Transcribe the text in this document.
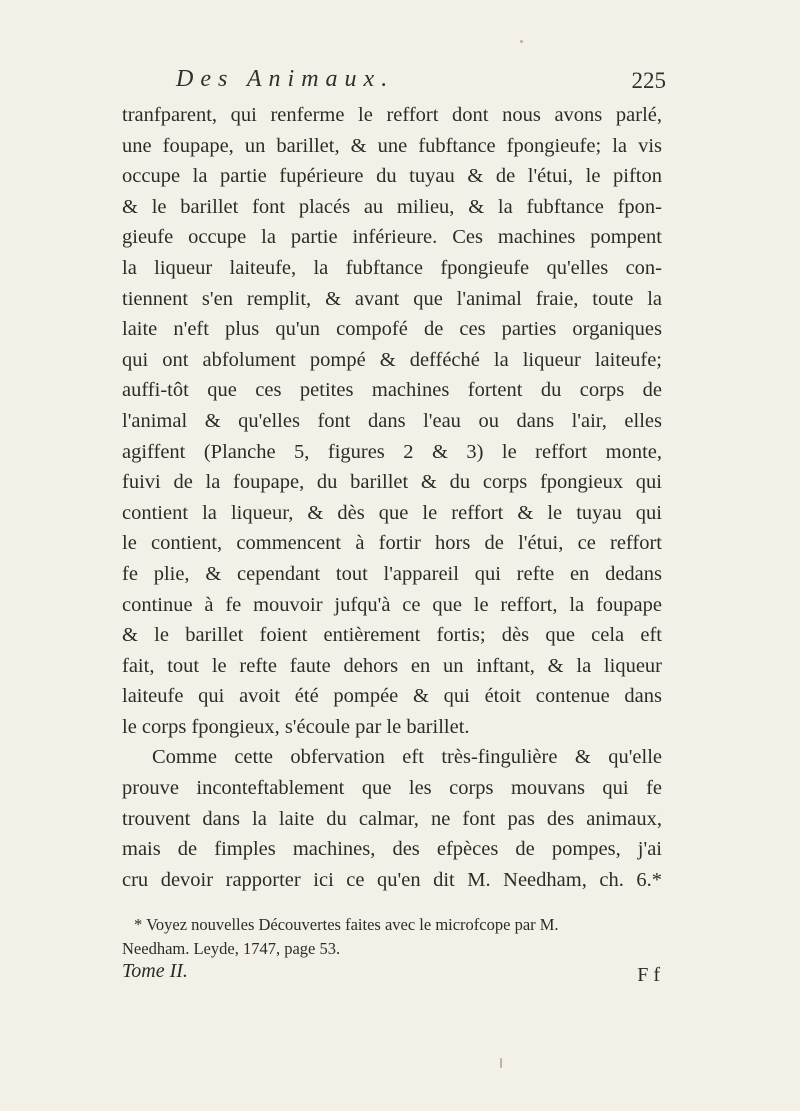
Des Animaux.	225
tranfparent, qui renferme le reffort dont nous avons parlé,
une foupape, un barillet, & une fubftance fpongieufe; la vis
occupe la partie fupérieure du tuyau & de l'étui, le pifton
& le barillet font placés au milieu, & la fubftance fpon-
gieufe occupe la partie inférieure. Ces machines pompent
la liqueur laiteufe, la fubftance fpongieufe qu'elles con-
tiennent s'en remplit, & avant que l'animal fraie, toute la
laite n'eft plus qu'un compofé de ces parties organiques
qui ont abfolument pompé & defféché la liqueur laiteufe;
auffi-tôt que ces petites machines fortent du corps de
l'animal & qu'elles font dans l'eau ou dans l'air, elles
agiffent (Planche 5, figures 2 & 3) le reffort monte,
fuivi de la foupape, du barillet & du corps fpongieux qui
contient la liqueur, & dès que le reffort & le tuyau qui
le contient, commencent à fortir hors de l'étui, ce reffort
fe plie, & cependant tout l'appareil qui refte en dedans
continue à fe mouvoir jufqu'à ce que le reffort, la foupape
& le barillet foient entièrement fortis; dès que cela eft
fait, tout le refte faute dehors en un inftant, & la liqueur
laiteufe qui avoit été pompée & qui étoit contenue dans
le corps fpongieux, s'écoule par le barillet.
Comme cette obfervation eft très-fingulière & qu'elle
prouve inconteftablement que les corps mouvans qui fe
trouvent dans la laite du calmar, ne font pas des animaux,
mais de fimples machines, des efpèces de pompes, j'ai
cru devoir rapporter ici ce qu'en dit M. Needham, ch. 6.*
* Voyez nouvelles Découvertes faites avec le microfcope par M.
Needham. Leyde, 1747, page 53.
Tome II.	F f
